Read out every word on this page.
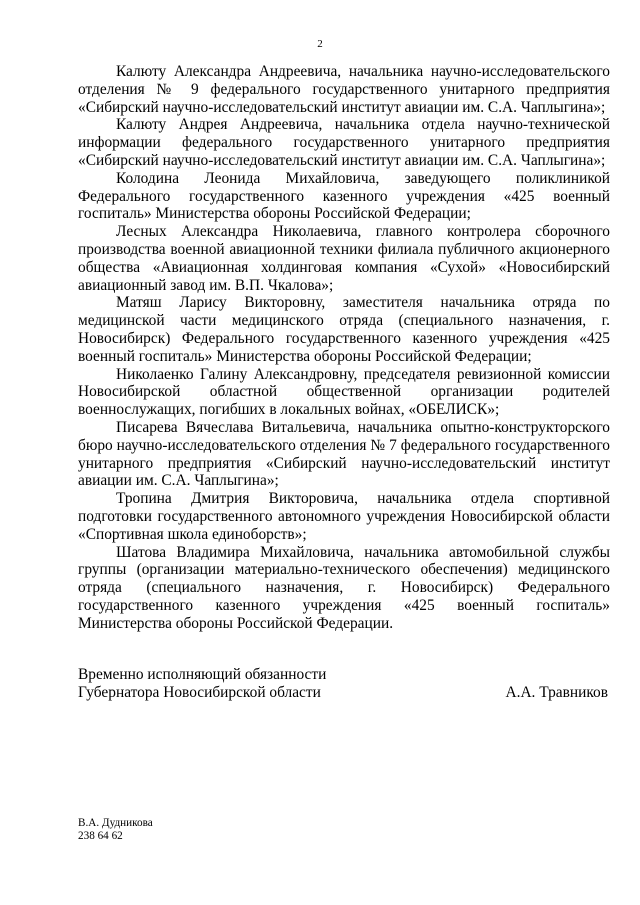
2

Калюту Александра Андреевича, начальника научно-исследовательского отделения № 9 федерального государственного унитарного предприятия «Сибирский научно-исследовательский институт авиации им. С.А. Чаплыгина»;

Калюту Андрея Андреевича, начальника отдела научно-технической информации федерального государственного унитарного предприятия «Сибирский научно-исследовательский институт авиации им. С.А. Чаплыгина»;

Колодина Леонида Михайловича, заведующего поликлиникой Федерального государственного казенного учреждения «425 военный госпиталь» Министерства обороны Российской Федерации;

Лесных Александра Николаевича, главного контролера сборочного производства военной авиационной техники филиала публичного акционерного общества «Авиационная холдинговая компания «Сухой» «Новосибирский авиационный завод им. В.П. Чкалова»;

Матяш Ларису Викторовну, заместителя начальника отряда по медицинской части медицинского отряда (специального назначения, г. Новосибирск) Федерального государственного казенного учреждения «425 военный госпиталь» Министерства обороны Российской Федерации;

Николаенко Галину Александровну, председателя ревизионной комиссии Новосибирской областной общественной организации родителей военнослужащих, погибших в локальных войнах, «ОБЕЛИСК»;

Писарева Вячеслава Витальевича, начальника опытно-конструкторского бюро научно-исследовательского отделения № 7 федерального государственного унитарного предприятия «Сибирский научно-исследовательский институт авиации им. С.А. Чаплыгина»;

Тропина Дмитрия Викторовича, начальника отдела спортивной подготовки государственного автономного учреждения Новосибирской области «Спортивная школа единоборств»;

Шатова Владимира Михайловича, начальника автомобильной службы группы (организации материально-технического обеспечения) медицинского отряда (специального назначения, г. Новосибирск) Федерального государственного казенного учреждения «425 военный госпиталь» Министерства обороны Российской Федерации.

Временно исполняющий обязанности
Губернатора Новосибирской области	А.А. Травников
В.А. Дудникова
238 64 62
